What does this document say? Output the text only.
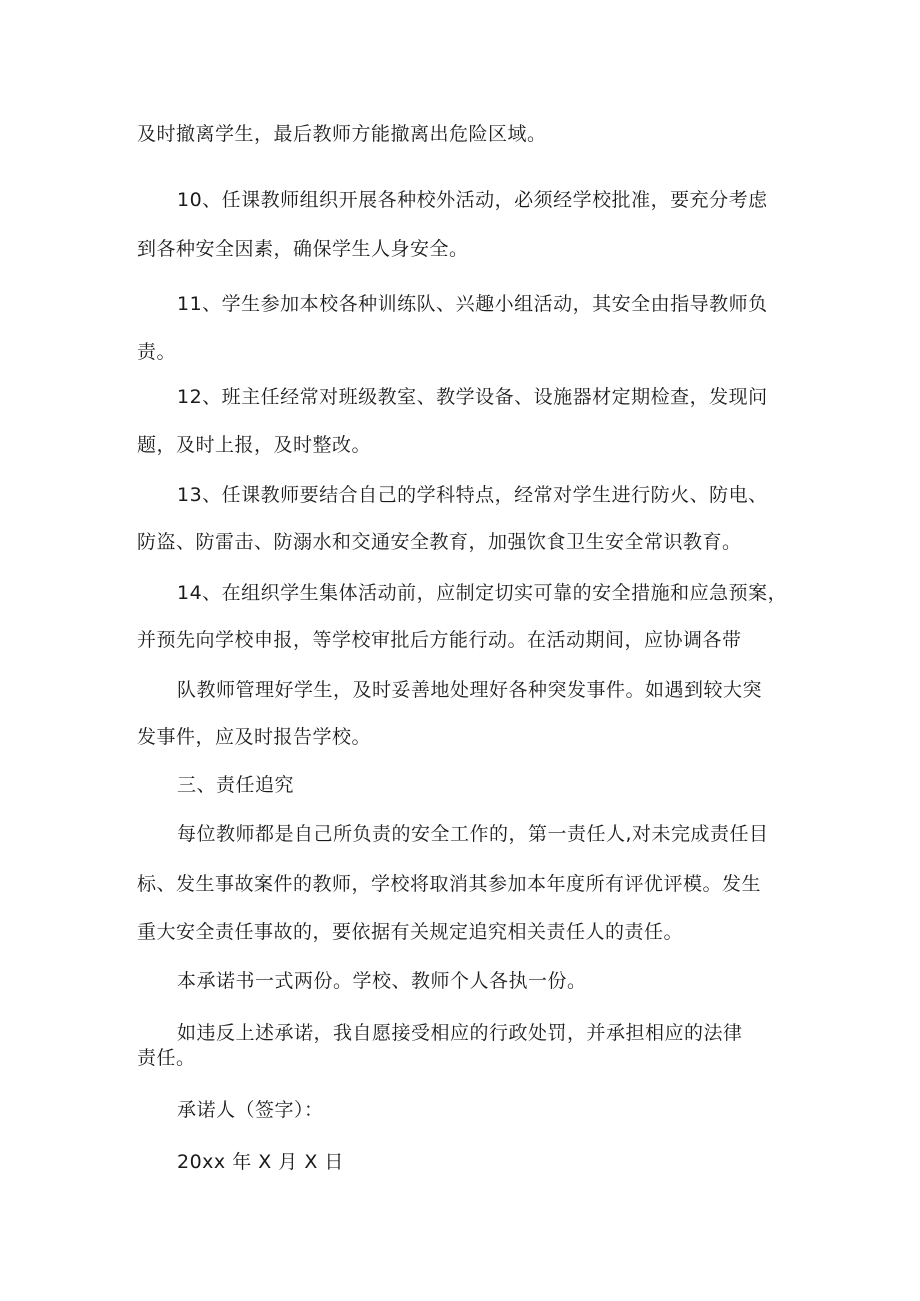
及时撤离学生，最后教师方能撤离出危险区域。
10、任课教师组织开展各种校外活动，必须经学校批准，要充分考虑
到各种安全因素，确保学生人身安全。
11、学生参加本校各种训练队、兴趣小组活动，其安全由指导教师负
责。
12、班主任经常对班级教室、教学设备、设施器材定期检查，发现问
题，及时上报，及时整改。
13、任课教师要结合自己的学科特点，经常对学生进行防火、防电、
防盗、防雷击、防溺水和交通安全教育，加强饮食卫生安全常识教育。
14、在组织学生集体活动前，应制定切实可靠的安全措施和应急预案，
并预先向学校申报，等学校审批后方能行动。在活动期间，应协调各带
队教师管理好学生，及时妥善地处理好各种突发事件。如遇到较大突
发事件，应及时报告学校。
三、责任追究
每位教师都是自己所负责的安全工作的，第一责任人,对未完成责任目
标、发生事故案件的教师，学校将取消其参加本年度所有评优评模。发生
重大安全责任事故的，要依据有关规定追究相关责任人的责任。
本承诺书一式两份。学校、教师个人各执一份。
如违反上述承诺，我自愿接受相应的行政处罚，并承担相应的法律
责任。
承诺人（签字）：
20xx 年 X 月 X 日
